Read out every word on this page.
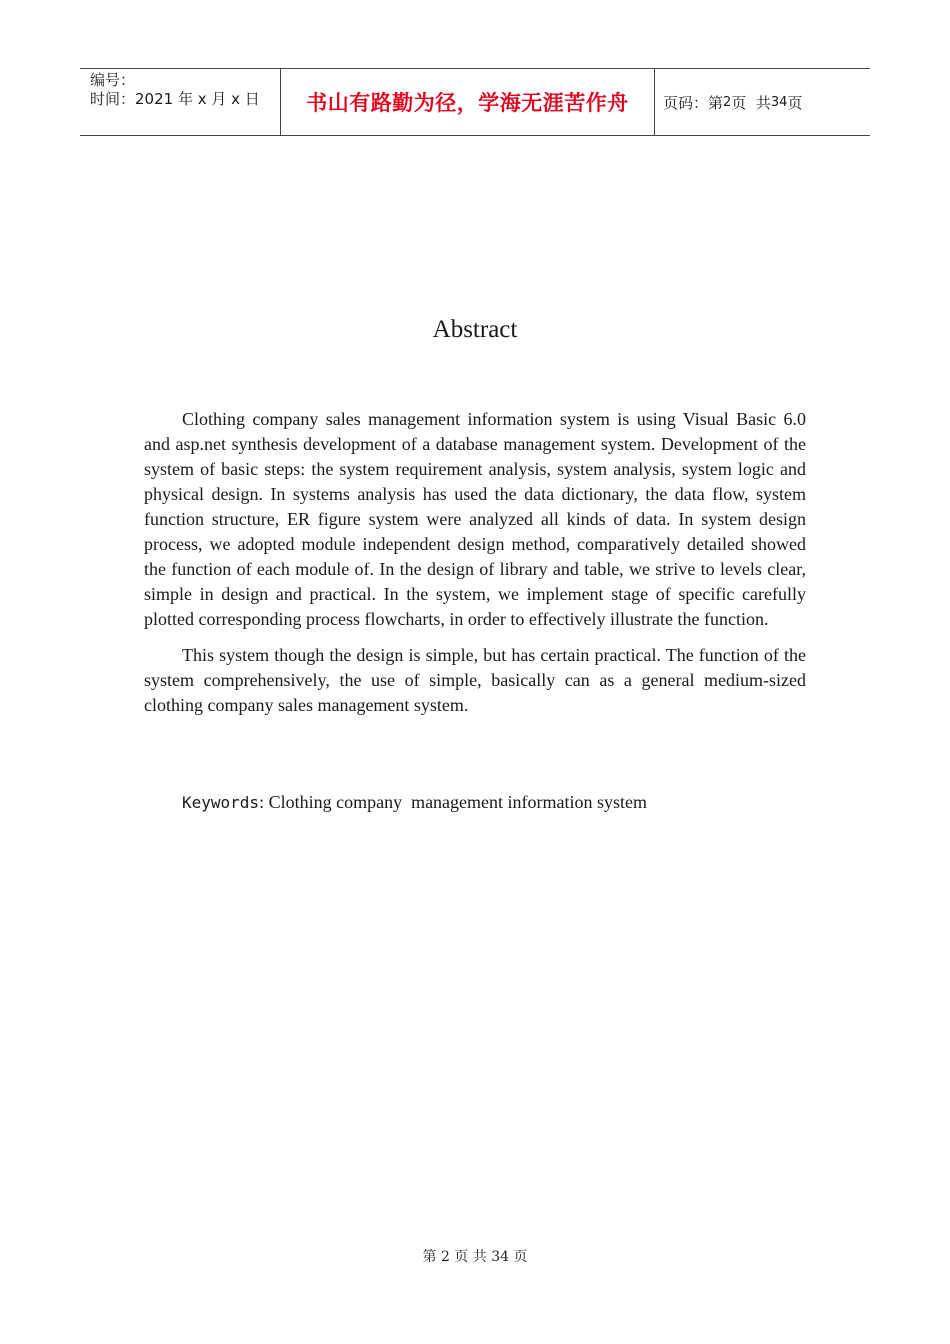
编号：
时间：2021 年 x 月 x 日	书山有路勤为径，学海无涯苦作舟	页码：第 2 页  共 34 页
Abstract

Clothing company sales management information system is using Visual Basic 6.0 and asp.net synthesis development of a database management system. Development of the system of basic steps: the system requirement analysis, system analysis, system logic and physical design. In systems analysis has used the data dictionary, the data flow, system function structure, ER figure system were analyzed all kinds of data. In system design process, we adopted module independent design method, comparatively detailed showed the function of each module of. In the design of library and table, we strive to levels clear, simple in design and practical. In the system, we implement stage of specific carefully plotted corresponding process flowcharts, in order to effectively illustrate the function.

This system though the design is simple, but has certain practical. The function of the system comprehensively, the use of simple, basically can as a general medium-sized clothing company sales management system.

Keywords: Clothing company  management information system
第 2 页 共 34 页
